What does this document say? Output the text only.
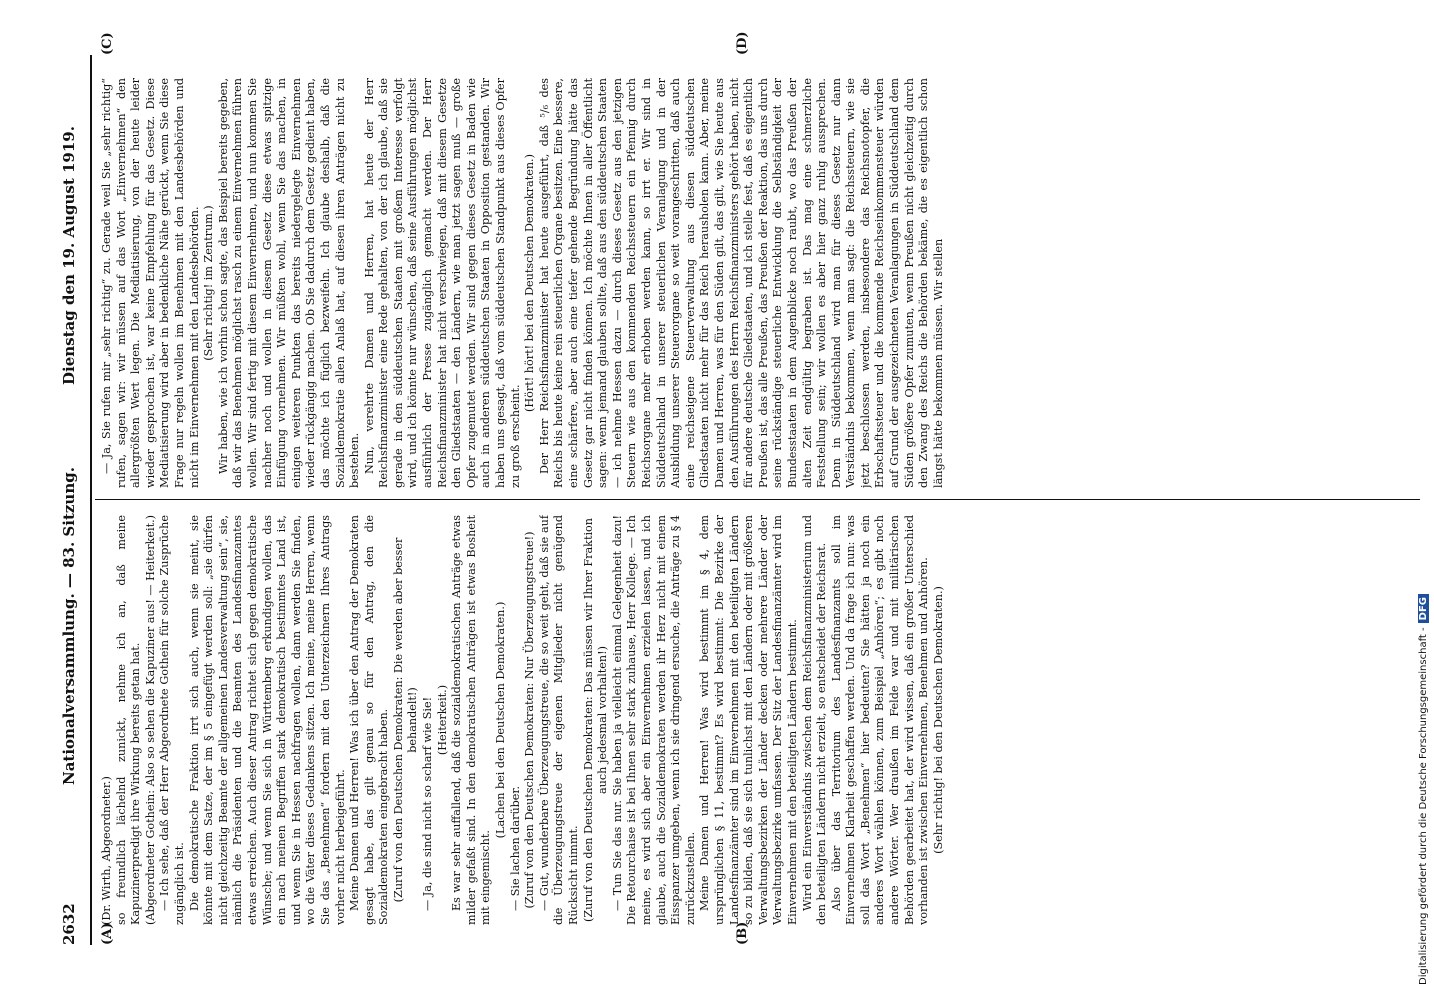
2632
Nationalversammlung. — 83. Sitzung.
Dienstag den 19. August 1919.
(A)	(B)
(C)	(D)

(Dr. Wirth, Abgeordneter.) so freundlich lächelnd zunickt, nehme ich an, daß meine Kapuzinerpredigt ihre Wirkung bereits getan hat. (Abgeordneter Gothein: Also so sehen die Kapuziner aus! — Heiterkeit.) — Ich sehe, daß der Herr Abgeordnete Gothein für solche Zusprüche zugänglich ist. Die demokratische Fraktion irrt sich auch, wenn sie meint, sie könnte mit dem Satze, der im § 5 eingefügt werden soll: „sie dürfen nicht gleichzeitig Beamte der allgemeinen Landesverwaltung sein“, sie, nämlich die Präsidenten und die Beamten des Landesfinanzamtes etwas erreichen. Auch dieser Antrag richtet sich gegen demokratische Wünsche; und wenn Sie sich in Württemberg erkundigen wollen, das ein nach meinen Begriffen stark demokratisch bestimmtes Land ist, und wenn Sie in Hessen nachfragen wollen, dann werden Sie finden, wo die Väter dieses Gedankens sitzen. Ich meine, meine Herren, wenn Sie das „Benehmen“ fordern mit den Unterzeichnern Ihres Antrags vorher nicht herbeigeführt. Meine Damen und Herren! Was ich über den Antrag der Demokraten gesagt habe, das gilt genau so für den Antrag, den die Sozialdemokraten eingebracht haben. (Zuruf von den Deutschen Demokraten: Die werden aber besser behandelt!) — Ja, die sind nicht so scharf wie Sie! (Heiterkeit.) Es war sehr auffallend, daß die sozialdemokratischen Anträge etwas milder gefaßt sind. In den demokratischen Anträgen ist etwas Bosheit mit eingemischt.

(Lachen bei den Deutschen Demokraten.)

— Sie lachen darüber. (Zuruf von den Deutschen Demokraten: Nur Überzeugungstreue!) — Gut, wunderbare Überzeugungstreue, die so weit geht, daß sie auf die Überzeugungstreue der eigenen Mitglieder nicht genügend Rücksicht nimmt. (Zuruf von den Deutschen Demokraten: Das müssen wir Ihrer Fraktion auch jedesmal vorhalten!) — Tun Sie das nur. Sie haben ja vielleicht einmal Gelegenheit dazu! Die Retourchaise ist bei Ihnen sehr stark zuhause, Herr Kollege. — Ich meine, es wird sich aber ein Einvernehmen erzielen lassen, und ich glaube, auch die Sozialdemokraten werden ihr Herz nicht mit einem Eisspanzer umgeben, wenn ich sie dringend ersuche, die Anträge zu § 4 zurückzustellen. Meine Damen und Herren! Was wird bestimmt im § 4, dem ursprünglichen § 11, bestimmt? Es wird bestimmt: Die Bezirke der Landesfinanzämter sind im Einvernehmen mit den beteiligten Ländern so zu bilden, daß sie sich tunlichst mit den Ländern oder mit größeren Verwaltungsbezirken der Länder decken oder mehrere Länder oder Verwaltungsbezirke umfassen. Der Sitz der Landesfinanzämter wird im Einvernehmen mit den beteiligten Ländern bestimmt. Wird ein Einverständnis zwischen dem Reichsfinanzministerium und den beteiligten Ländern nicht erzielt, so entscheidet der Reichsrat. Also über das Territorium des Landesfinanzamts soll im Einvernehmen Klarheit geschaffen werden. Und da frage ich nun: was soll das Wort „Benehmen“ hier bedeuten? Sie hätten ja noch ein anderes Wort wählen können, zum Beispiel „Anhören“; es gibt noch andere Wörter. Wer draußen im Felde war und mit militärischen Behörden gearbeitet hat, der wird wissen, daß ein großer Unterschied vorhanden ist zwischen Einvernehmen, Benehmen und Anhören. (Sehr richtig! bei den Deutschen Demokraten.)

— Ja, Sie rufen mir „sehr richtig“ zu. Gerade weil Sie „sehr richtig“ rufen, sagen wir: wir müssen auf das Wort „Einvernehmen“ den allergrößten Wert legen. Die Mediatisierung, von der heute leider wieder gesprochen ist, war keine Empfehlung für das Gesetz. Diese Mediatisierung wird aber in bedenkliche Nähe gerückt, wenn Sie diese Frage nur regeln wollen im Benehmen mit den Landesbehörden und nicht im Einvernehmen mit den Landesbehörden. (Sehr richtig! im Zentrum.) Wir haben, wie ich vorhin schon sagte, das Beispiel bereits gegeben, daß wir das Benehmen möglichst rasch zu einem Einvernehmen führen wollen. Wir sind fertig mit diesem Einvernehmen, und nun kommen Sie nachher noch und wollen in diesem Gesetz diese etwas spitzige Einfügung vornehmen. Wir müßten wohl, wenn Sie das machen, in einigen weiteren Punkten das bereits niedergelegte Einvernehmen wieder rückgängig machen. Ob Sie dadurch dem Gesetz gedient haben, das möchte ich füglich bezweifeln. Ich glaube deshalb, daß die Sozialdemokratie allen Anlaß hat, auf diesen ihren Anträgen nicht zu bestehen. Nun, verehrte Damen und Herren, hat heute der Herr Reichsfinanzminister eine Rede gehalten, von der ich glaube, daß sie gerade in den süddeutschen Staaten mit großem Interesse verfolgt wird, und ich könnte nur wünschen, daß seine Ausführungen möglichst ausführlich der Presse zugänglich gemacht werden. Der Herr Reichsfinanzminister hat nicht verschwiegen, daß mit diesem Gesetze den Gliedstaaten — den Ländern, wie man jetzt sagen muß — große Opfer zugemutet werden. Wir sind gegen dieses Gesetz in Baden wie auch in anderen süddeutschen Staaten in Opposition gestanden. Wir haben uns gesagt, daß vom süddeutschen Standpunkt aus dieses Opfer zu groß erscheint.

(Hört! hört! bei den Deutschen Demokraten.) Der Herr Reichsfinanzminister hat heute ausgeführt, daß ⁵/₆ des Reichs bis heute keine rein steuerlichen Organe besitzen. Eine bessere, eine schärfere, aber auch eine tiefer gehende Begründung hätte das Gesetz gar nicht finden können. Ich möchte Ihnen in aller Öffentlicht sagen: wenn jemand glauben sollte, daß aus den süddeutschen Staaten — ich nehme Hessen dazu — durch dieses Gesetz aus den jetzigen Steuern wie aus den kommenden Reichssteuern ein Pfennig durch Reichsorgane mehr erhoben werden kann, so irrt er. Wir sind in Süddeutschland in unserer steuerlichen Veranlagung und in der Ausbildung unserer Steuerorgane so weit vorangeschritten, daß auch eine reichseigene Steuerverwaltung aus diesen süddeutschen Gliedstaaten nicht mehr für das Reich herausholen kann. Aber, meine Damen und Herren, was für den Süden gilt, das gilt, wie Sie heute aus den Ausführungen des Herrn Reichsfinanzministers gehört haben, nicht für andere deutsche Gliedstaaten, und ich stelle fest, daß es eigentlich Preußen ist, das alle Preußen, das Preußen der Reaktion, das uns durch seine rückständige steuerliche Entwicklung die Selbständigkeit der Bundesstaaten in dem Augenblicke noch raubt, wo das Preußen der alten Zeit endgültig begraben ist. Das mag eine schmerzliche Feststellung sein; wir wollen es aber hier ganz ruhig aussprechen. Denn in Süddeutschland wird man für dieses Gesetz nur dann Verständnis bekommen, wenn man sagt: die Reichssteuern, wie sie jetzt beschlossen werden, insbesondere das Reichsnotopfer, die Erbschaftssteuer und die kommende Reichseinkommensteuer würden auf Grund der ausgezeichneten Veranlagungen in Süddeutschland dem Süden größere Opfer zumuten, wenn Preußen nicht gleichzeitig durch den Zwang des Reichs die Behörden bekäme, die es eigentlich schon längst hätte bekommen müssen. Wir stellen

Digitalisierung gefördert durch die Deutsche Forschungsgemeinschaft -DFG
